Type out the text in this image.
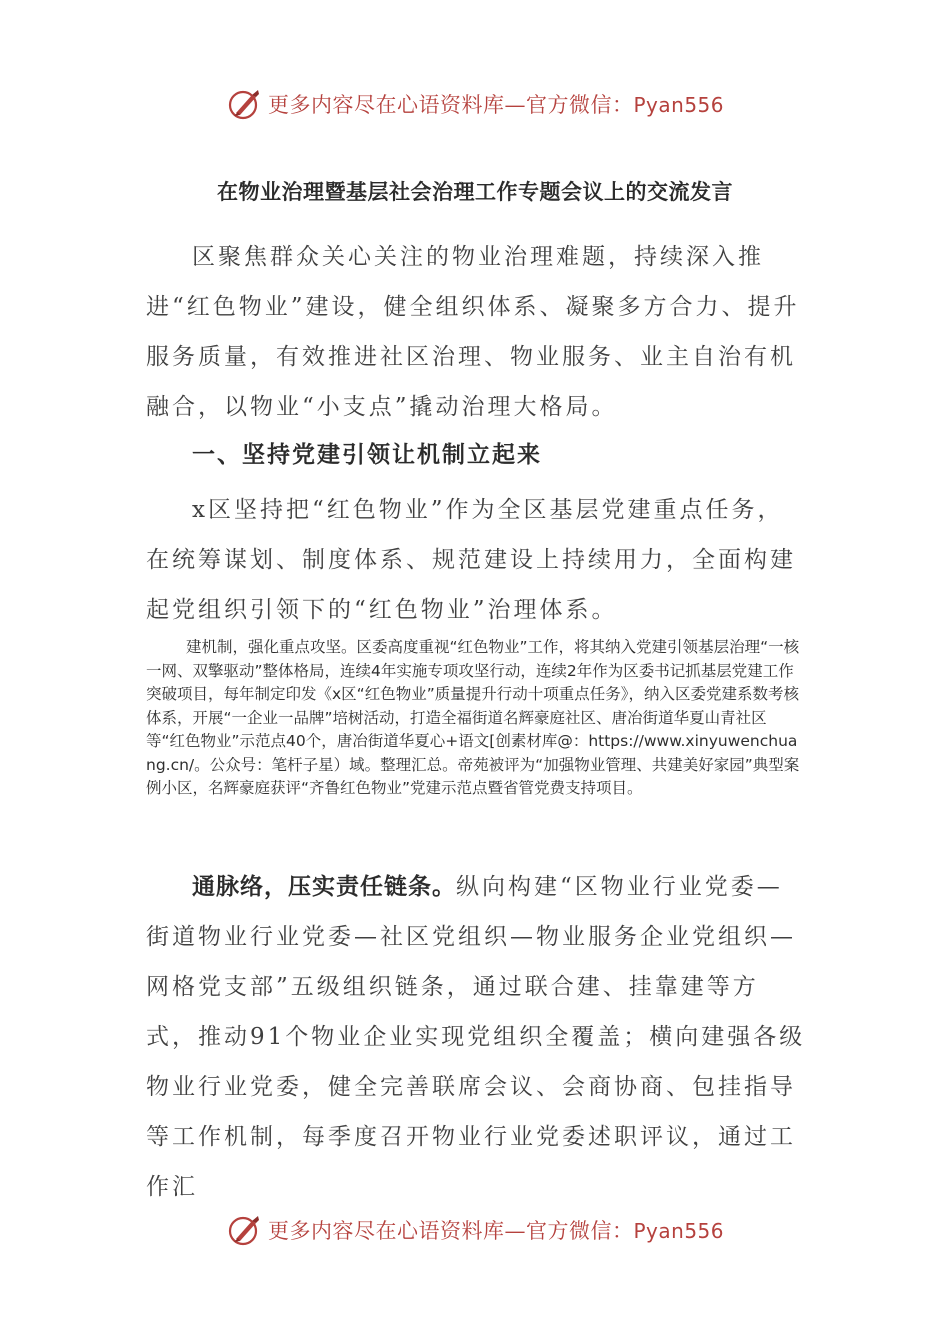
更多内容尽在心语资料库—官方微信：Pyan556
在物业治理暨基层社会治理工作专题会议上的交流发言
区聚焦群众关心关注的物业治理难题，持续深入推进“红色物业”建设，健全组织体系、凝聚多方合力、提升服务质量，有效推进社区治理、物业服务、业主自治有机融合，以物业“小支点”撬动治理大格局。
一、坚持党建引领让机制立起来
x区坚持把“红色物业”作为全区基层党建重点任务，在统筹谋划、制度体系、规范建设上持续用力，全面构建起党组织引领下的“红色物业”治理体系。
建机制，强化重点攻坚。区委高度重视“红色物业”工作，将其纳入党建引领基层治理“一核一网、双擎驱动”整体格局，连续4年实施专项攻坚行动，连续2年作为区委书记抓基层党建工作突破项目，每年制定印发《x区“红色物业”质量提升行动十项重点任务》，纳入区委党建系数考核体系，开展“一企业一品牌”培树活动，打造全福街道名辉豪庭社区、唐冶街道华夏山青社区等“红色物业”示范点40个，唐冶街道华夏心+语文[创素材库@：https://www.xinyuwenchuang.cn/。公众号：笔杆子星）域。整理汇总。帝苑被评为“加强物业管理、共建美好家园”典型案例小区，名辉豪庭获评“齐鲁红色物业”党建示范点暨省管党费支持项目。
通脉络，压实责任链条。纵向构建“区物业行业党委—街道物业行业党委—社区党组织—物业服务企业党组织—网格党支部”五级组织链条，通过联合建、挂靠建等方式，推动91个物业企业实现党组织全覆盖；横向建强各级物业行业党委，健全完善联席会议、会商协商、包挂指导等工作机制，每季度召开物业行业党委述职评议，通过工作汇
更多内容尽在心语资料库—官方微信：Pyan556
